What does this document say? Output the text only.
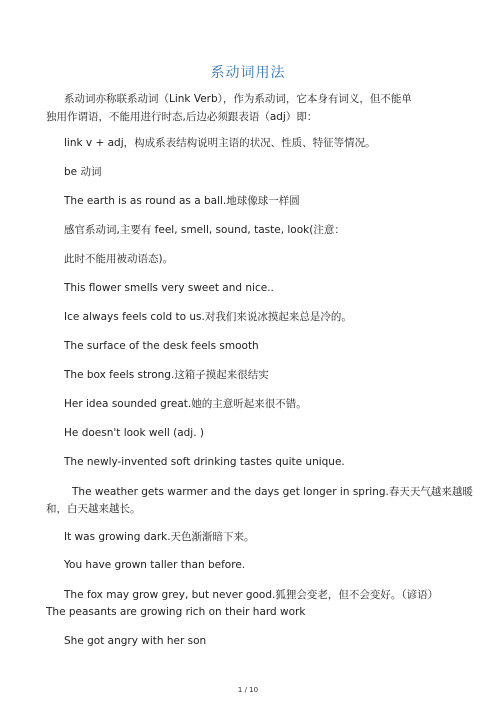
系动词用法
系动词亦称联系动词（Link Verb），作为系动词，它本身有词义，但不能单
独用作谓语，不能用进行时态,后边必须跟表语（adj）即：
link v + adj，构成系表结构说明主语的状况、性质、特征等情况。
be 动词
The earth is as round as a ball.地球像球一样圆
感官系动词,主要有 feel, smell, sound, taste, look(注意：
此时不能用被动语态)。
This flower smells very sweet and nice..
Ice always feels cold to us.对我们来说冰摸起来总是冷的。
The surface of the desk feels smooth
The box feels strong.这箱子摸起来很结实
Her idea sounded great.她的主意听起来很不错。
He doesn't look well (adj. )
The newly-invented soft drinking tastes quite unique.
The weather gets warmer and the days get longer in spring.春天天气越来越暖
和，白天越来越长。
It was growing dark.天色渐渐暗下来。
You have grown taller than before.
The fox may grow grey, but never good.狐狸会变老，但不会变好。（谚语）
The peasants are growing rich on their hard work
She got angry with her son
1 / 10
